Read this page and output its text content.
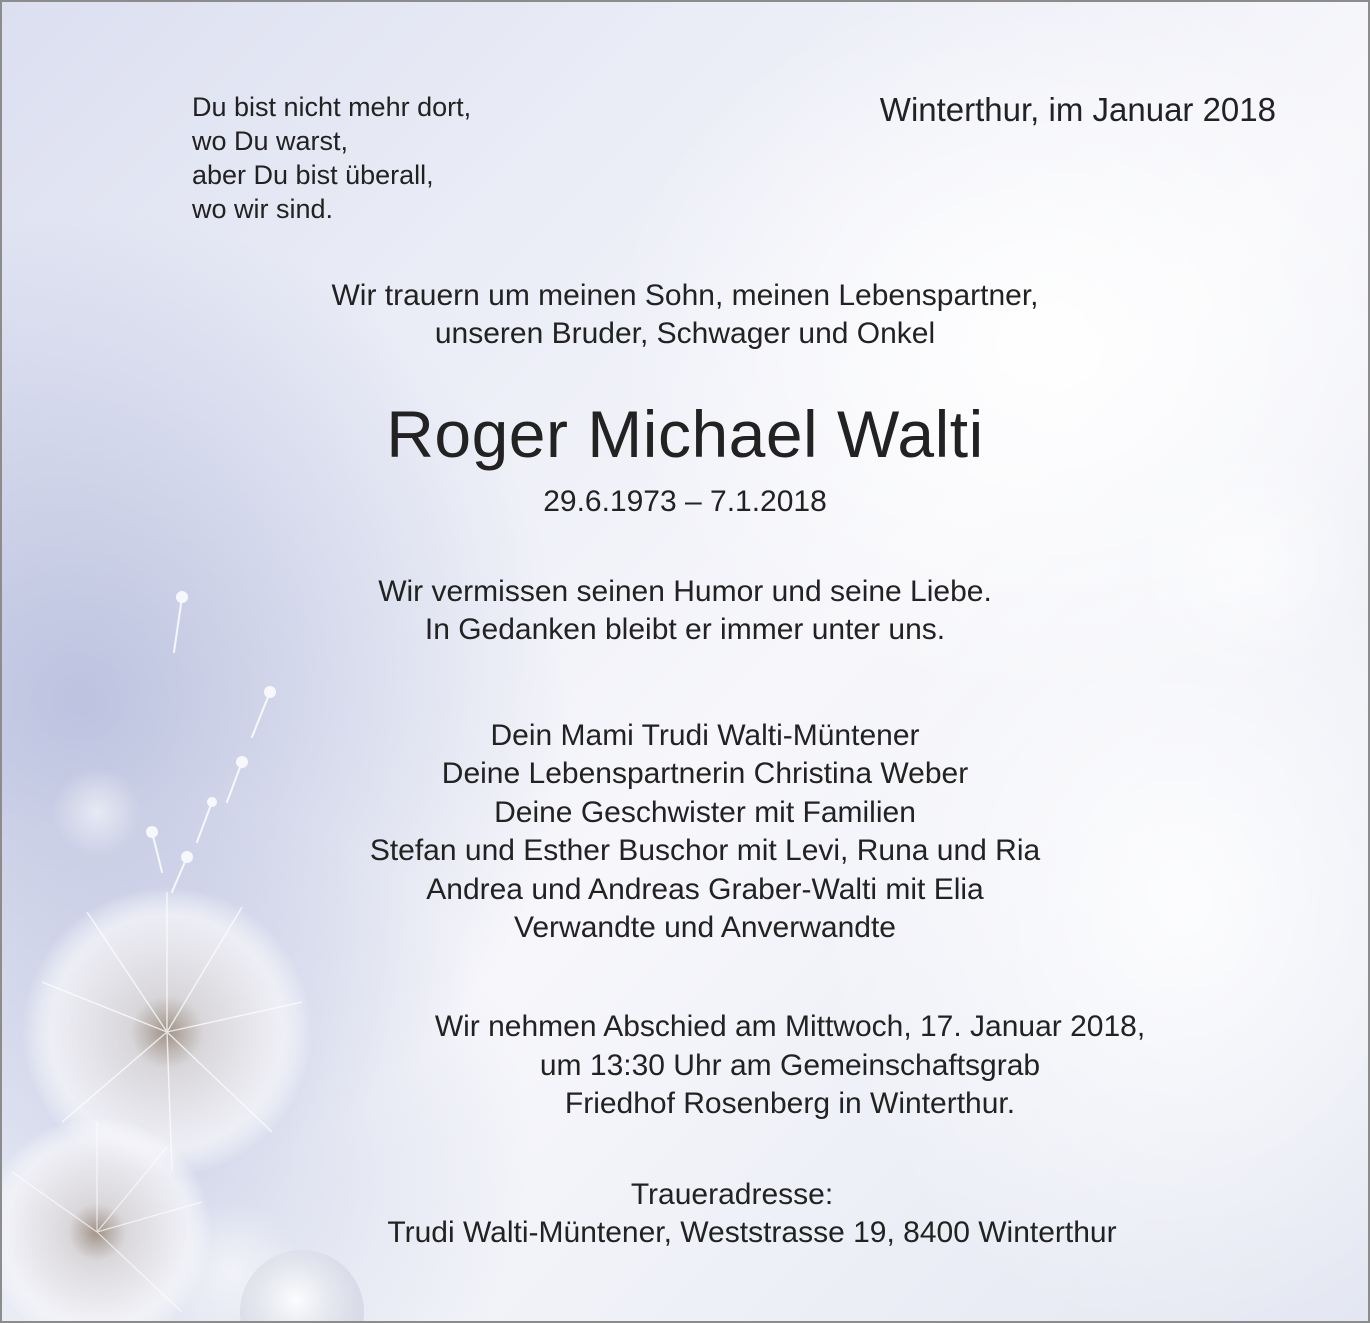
Du bist nicht mehr dort,
wo Du warst,
aber Du bist überall,
wo wir sind.
Winterthur, im Januar 2018
Wir trauern um meinen Sohn, meinen Lebenspartner,
unseren Bruder, Schwager und Onkel
Roger Michael Walti
29.6.1973 – 7.1.2018
Wir vermissen seinen Humor und seine Liebe.
In Gedanken bleibt er immer unter uns.
Dein Mami Trudi Walti-Müntener
Deine Lebenspartnerin Christina Weber
Deine Geschwister mit Familien
Stefan und Esther Buschor mit Levi, Runa und Ria
Andrea und Andreas Graber-Walti mit Elia
Verwandte und Anverwandte
Wir nehmen Abschied am Mittwoch, 17. Januar 2018,
um 13:30 Uhr am Gemeinschaftsgrab
Friedhof Rosenberg in Winterthur.
Traueradresse:
Trudi Walti-Müntener, Weststrasse 19, 8400 Winterthur
